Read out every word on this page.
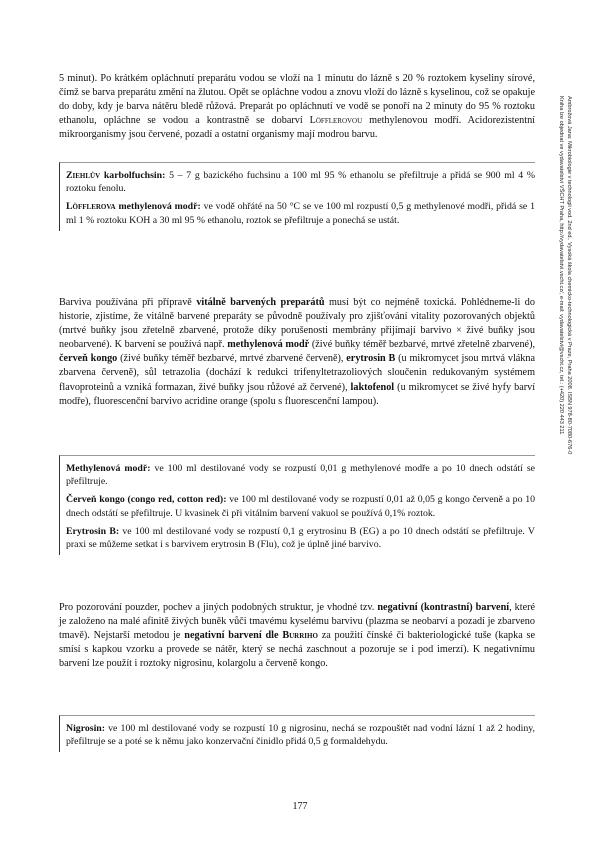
5 minut). Po krátkém opláchnutí preparátu vodou se vloží na 1 minutu do lázně s 20 % roztokem kyseliny sírové, čímž se barva preparátu změní na žlutou. Opět se opláchne vodou a znovu vloží do lázně s kyselinou, což se opakuje do doby, kdy je barva nátěru bledě růžová. Preparát po opláchnutí ve vodě se ponoří na 2 minuty do 95 % roztoku ethanolu, opláchne se vodou a kontrastně se dobarví Löfflerovou methylenovou modří. Acidorezistentní mikroorganismy jsou červené, pozadí a ostatní organismy mají modrou barvu.

Ziehlův karbolfuchsin: 5 – 7 g bazického fuchsinu a 100 ml 95 % ethanolu se přefiltruje a přidá se 900 ml 4 % roztoku fenolu.

Löfflerova methylenová modř: ve vodě ohřáté na 50 °C se ve 100 ml rozpustí 0,5 g methylenové modři, přidá se 1 ml 1 % roztoku KOH a 30 ml 95 % ethanolu, roztok se přefiltruje a ponechá se ustát.

Barviva používána při přípravě vitálně barvených preparátů musí být co nejméně toxická. Pohlédneme-li do historie, zjistíme, že vitálně barvené preparáty se původně používaly pro zjišťování vitality pozorovaných objektů (mrtvé buňky jsou zřetelně zbarvené, protože díky porušenosti membrány přijímají barvivo × živé buňky jsou neobarvené). K barvení se používá např. methylenová modř (živé buňky téměř bezbarvé, mrtvé zřetelně zbarvené), červeň kongo (živé buňky téměř bezbarvé, mrtvé zbarvené červeně), erytrosin B (u mikromycet jsou mrtvá vlákna zbarvena červeně), sůl tetrazolia (dochází k redukci trifenyltetrazoliových sloučenin redukovaným systémem flavoproteinů a vzniká formazan, živé buňky jsou růžové až červené), laktofenol (u mikromycet se živé hyfy barví modře), fluorescenční barvivo acridine orange (spolu s fluorescenční lampou).

Methylenová modř: ve 100 ml destilované vody se rozpustí 0,01 g methylenové modře a po 10 dnech odstátí se přefiltruje.

Červeň kongo (congo red, cotton red): ve 100 ml destilované vody se rozpustí 0,01 až 0,05 g kongo červeně a po 10 dnech odstátí se přefiltruje. U kvasinek či při vitálním barvení vakuol se používá 0,1% roztok.

Erytrosin B: ve 100 ml destilované vody se rozpustí 0,1 g erytrosinu B (EG) a po 10 dnech odstátí se přefiltruje. V praxi se můžeme setkat i s barvivem erytrosin B (Flu), což je úplně jiné barvivo.

Pro pozorování pouzder, pochev a jiných podobných struktur, je vhodné tzv. negativní (kontrastní) barvení, které je založeno na malé afinitě živých buněk vůči tmavému kyselému barvivu (plazma se neobarví a pozadí je zbarveno tmavě). Nejstarší metodou je negativní barvení dle Burriho za použití čínské či bakteriologické tuše (kapka se smísí s kapkou vzorku a provede se nátěr, který se nechá zaschnout a pozoruje se i pod imerzí). K negativnímu barvení lze použít i roztoky nigrosinu, kolargolu a červeně kongo.

Nigrosin: ve 100 ml destilované vody se rozpustí 10 g nigrosinu, nechá se rozpouštět nad vodní lázní 1 až 2 hodiny, přefiltruje se a poté se k němu jako konzervační činidlo přidá 0,5 g formaldehydu.

Ambrožová Jana: Mikrobiologie v technologii vod. 2nd ed.. Vysoká škola chemicko-technologická v Praze, Praha 2008. ISBN 978-80-7080-676-0
Kniha lze objednat ve vydavatelství VŠCHT Praha, http://vydavatelstvi.vscht.cz/, e-mail: vydavatelstvi@vscht.cz, tel.: (+420) 220 443 211
177
